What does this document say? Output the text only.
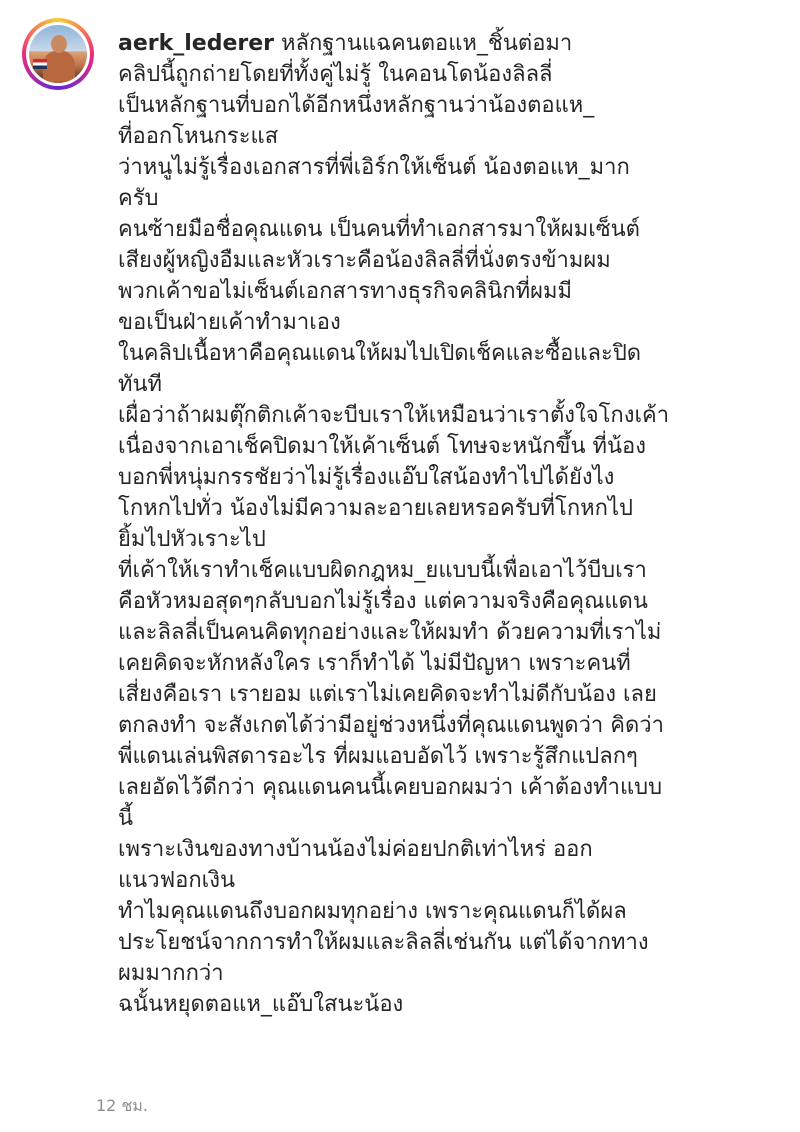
aerk_lederer หลักฐานแฉคนตอแห_ชิ้นต่อมา

คลิปนี้ถูกถ่ายโดยที่ทั้งคู่ไม่รู้ ในคอนโดน้องลิลลี่

เป็นหลักฐานที่บอกได้อีกหนึ่งหลักฐานว่าน้องตอแห_

ที่ออกโหนกระแส

ว่าหนูไม่รู้เรื่องเอกสารที่พี่เอิร์กให้เซ็นต์ น้องตอแห_มาก

ครับ

คนซ้ายมือชื่อคุณแดน เป็นคนที่ทำเอกสารมาให้ผมเซ็นต์

เสียงผู้หญิงอืมและหัวเราะคือน้องลิลลี่ที่นั่งตรงข้ามผม

พวกเค้าขอไม่เซ็นต์เอกสารทางธุรกิจคลินิกที่ผมมี

ขอเป็นฝ่ายเค้าทำมาเอง

ในคลิปเนื้อหาคือคุณแดนให้ผมไปเปิดเช็คและซื้อและปิด

ทันที

เผื่อว่าถ้าผมตุ๊กติกเค้าจะบีบเราให้เหมือนว่าเราตั้งใจโกงเค้า

เนื่องจากเอาเช็คปิดมาให้เค้าเซ็นต์ โทษจะหนักขึ้น ที่น้อง

บอกพี่หนุ่มกรรชัยว่าไม่รู้เรื่องแอ๊บใสน้องทำไปได้ยังไง

โกหกไปทั่ว น้องไม่มีความละอายเลยหรอครับที่โกหกไป

ยิ้มไปหัวเราะไป

ที่เค้าให้เราทำเช็คแบบผิดกฎหม_ยแบบนี้เพื่อเอาไว้บีบเรา

คือหัวหมอสุดๆกลับบอกไม่รู้เรื่อง แต่ความจริงคือคุณแดน

และลิลลี่เป็นคนคิดทุกอย่างและให้ผมทำ ด้วยความที่เราไม่

เคยคิดจะหักหลังใคร เราก็ทำได้ ไม่มีปัญหา เพราะคนที่

เสี่ยงคือเรา เรายอม แต่เราไม่เคยคิดจะทำไม่ดีกับน้อง เลย

ตกลงทำ จะสังเกตได้ว่ามีอยู่ช่วงหนึ่งที่คุณแดนพูดว่า คิดว่า

พี่แดนเล่นพิสดารอะไร ที่ผมแอบอัดไว้ เพราะรู้สึกแปลกๆ

เลยอัดไว้ดีกว่า คุณแดนคนนี้เคยบอกผมว่า เค้าต้องทำแบบ

นี้

เพราะเงินของทางบ้านน้องไม่ค่อยปกติเท่าไหร่ ออก

แนวฟอกเงิน

ทำไมคุณแดนถึงบอกผมทุกอย่าง เพราะคุณแดนก็ได้ผล

ประโยชน์จากการทำให้ผมและลิลลี่เช่นกัน แต่ได้จากทาง

ผมมากกว่า

ฉนั้นหยุดตอแห_แอ๊บใสนะน้อง

12 ชม.
